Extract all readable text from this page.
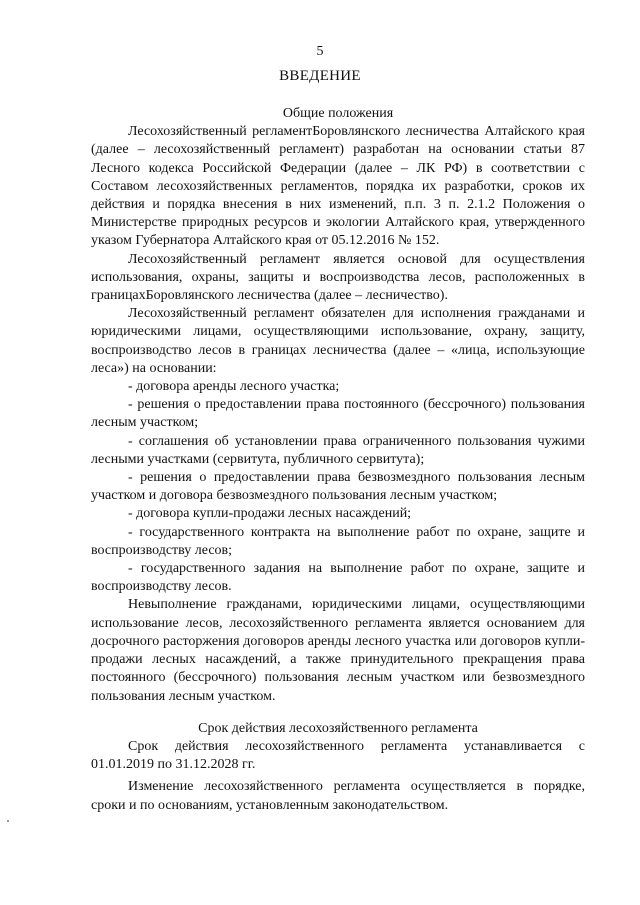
5
ВВЕДЕНИЕ

Общие положения

Лесохозяйственный регламентБоровлянского лесничества Алтайского края (далее – лесохозяйственный регламент) разработан на основании статьи 87 Лесного кодекса Российской Федерации (далее – ЛК РФ) в соответствии с Составом лесохозяйственных регламентов, порядка их разработки, сроков их действия и порядка внесения в них изменений, п.п. 3 п. 2.1.2 Положения о Министерстве природных ресурсов и экологии Алтайского края, утвержденного указом Губернатора Алтайского края от 05.12.2016 № 152.

Лесохозяйственный регламент является основой для осуществления использования, охраны, защиты и воспроизводства лесов, расположенных в границахБоровлянского лесничества (далее – лесничество).

Лесохозяйственный регламент обязателен для исполнения гражданами и юридическими лицами, осуществляющими использование, охрану, защиту, воспроизводство лесов в границах лесничества (далее – «лица, использующие леса») на основании:

- договора аренды лесного участка;

- решения о предоставлении права постоянного (бессрочного) пользования лесным участком;

- соглашения об установлении права ограниченного пользования чужими лесными участками (сервитута, публичного сервитута);

- решения о предоставлении права безвозмездного пользования лесным участком и договора безвозмездного пользования лесным участком;

- договора купли-продажи лесных насаждений;

- государственного контракта на выполнение работ по охране, защите и воспроизводству лесов;

- государственного задания на выполнение работ по охране, защите и воспроизводству лесов.

Невыполнение гражданами, юридическими лицами, осуществляющими использование лесов, лесохозяйственного регламента является основанием для досрочного расторжения договоров аренды лесного участка или договоров купли-продажи лесных насаждений, а также принудительного прекращения права постоянного (бессрочного) пользования лесным участком или безвозмездного пользования лесным участком.

Срок действия лесохозяйственного регламента

Срок действия лесохозяйственного регламента устанавливается с 01.01.2019 по 31.12.2028 гг.

Изменение лесохозяйственного регламента осуществляется в порядке, сроки и по основаниям, установленным законодательством.
